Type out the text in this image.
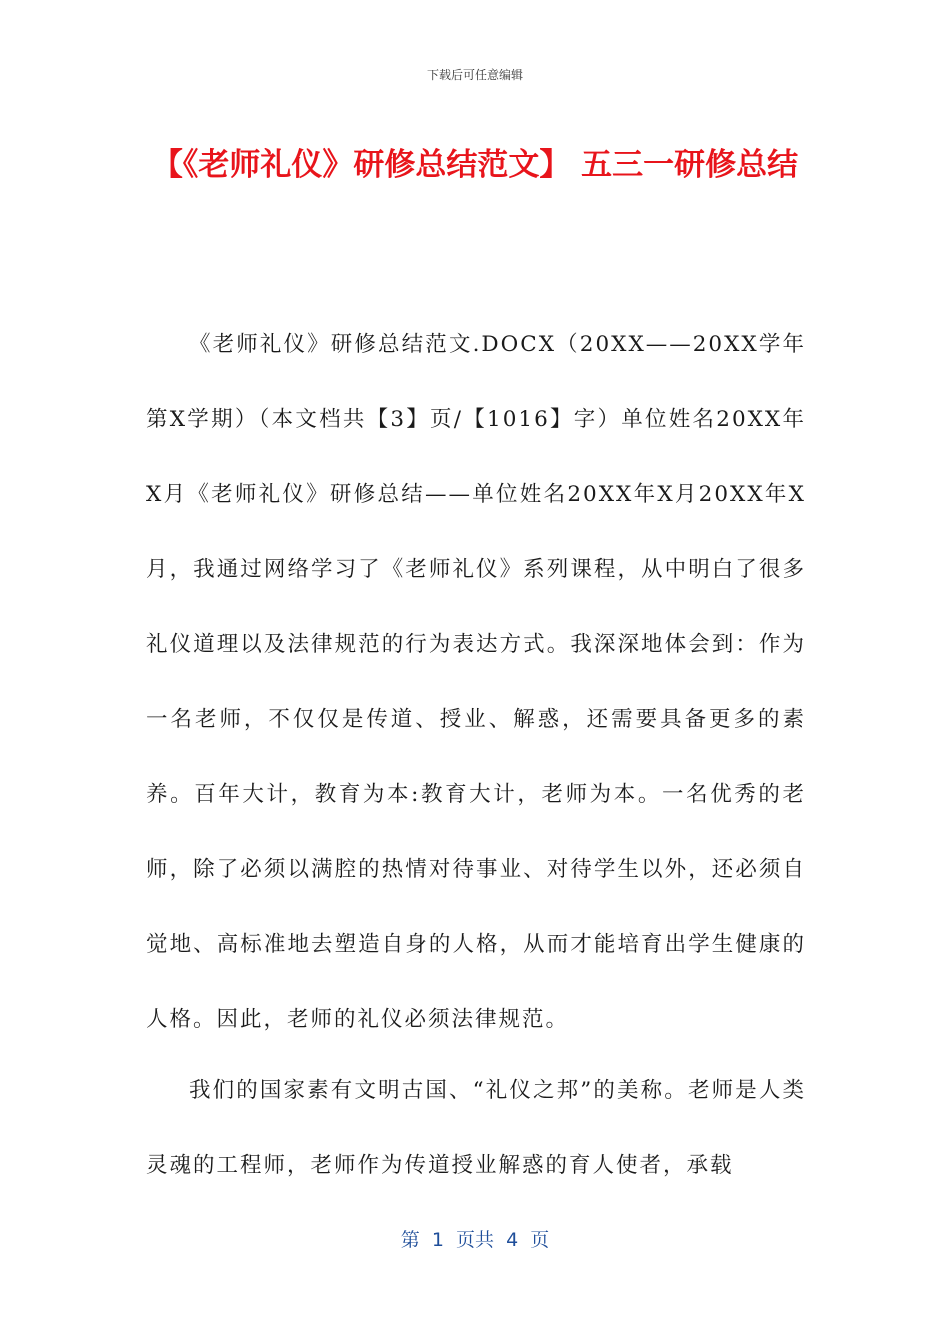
下载后可任意编辑
【《老师礼仪》研修总结范文】 五三一研修总结

《老师礼仪》研修总结范文.DOCX（20XX——20XX学年第X学期）（本文档共【3】页/【1016】字）单位姓名20XX年X月《老师礼仪》研修总结——单位姓名20XX年X月20XX年X月，我通过网络学习了《老师礼仪》系列课程，从中明白了很多礼仪道理以及法律规范的行为表达方式。我深深地体会到：作为一名老师，不仅仅是传道、授业、解惑，还需要具备更多的素养。百年大计，教育为本:教育大计，老师为本。一名优秀的老师，除了必须以满腔的热情对待事业、对待学生以外，还必须自觉地、高标准地去塑造自身的人格，从而才能培育出学生健康的人格。因此，老师的礼仪必须法律规范。

我们的国家素有文明古国、“礼仪之邦”的美称。老师是人类灵魂的工程师，老师作为传道授业解惑的育人使者，承载

第  1  页共  4  页
